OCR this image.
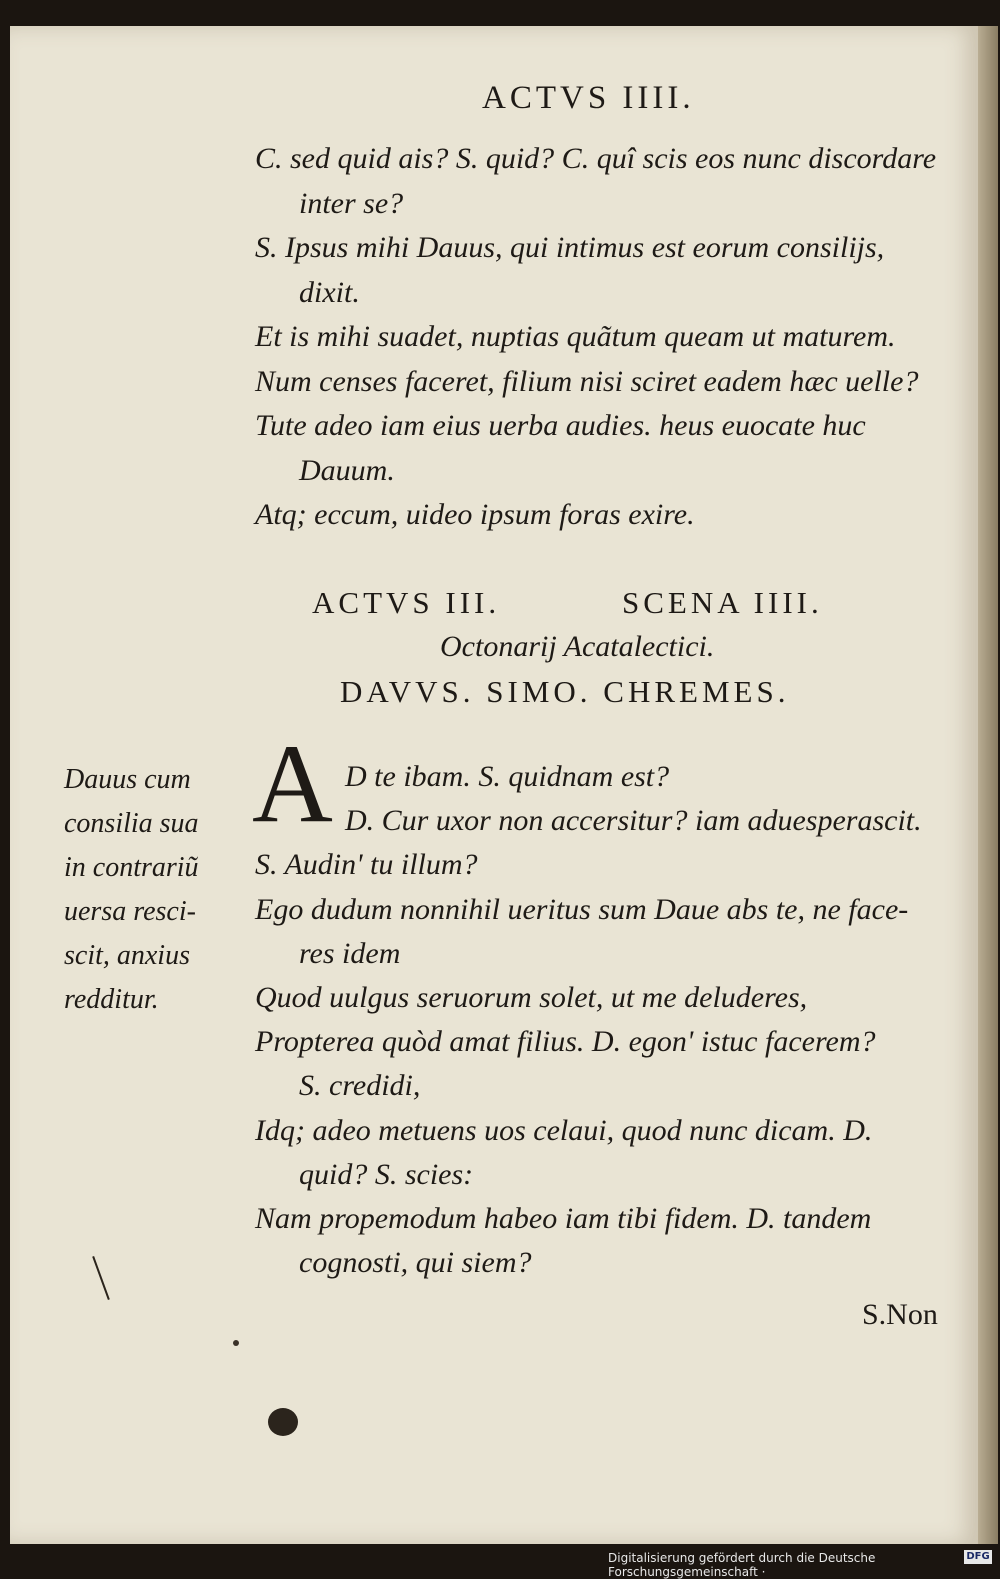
ACTVS IIII.
C. sed quid ais? S. quid? C. quî scis eos nunc discordare
inter se?
S. Ipsus mihi Dauus, qui intimus est eorum consilijs,
dixit.
Et is mihi suadet, nuptias quãtum queam ut maturem.
Num censes faceret, filium nisi sciret eadem hæc uelle?
Tute adeo iam eius uerba audies. heus euocate huc
Dauum.
Atq; eccum, uideo ipsum foras exire.
ACTVS III.	SCENA IIII.
Octonarij Acatalectici.
DAVVS. SIMO. CHREMES.
A D te ibam. S. quidnam est?
D. Cur uxor non accersitur? iam aduesperascit.
S. Audin' tu illum?
Ego dudum nonnihil ueritus sum Daue abs te, ne face-
res idem
Quod uulgus seruorum solet, ut me deluderes,
Propterea quòd amat filius. D. egon' istuc facerem?
S. credidi,
Idq; adeo metuens uos celaui, quod nunc dicam. D.
quid? S. scies:
Nam propemodum habeo iam tibi fidem. D. tandem
cognosti, qui siem?
Dauus cum
consilia sua
in contrariũ
uersa resci-
scit, anxius
redditur.
S.Non
Digitalisierung gefördert durch die Deutsche Forschungsgemeinschaft ·
DFG
